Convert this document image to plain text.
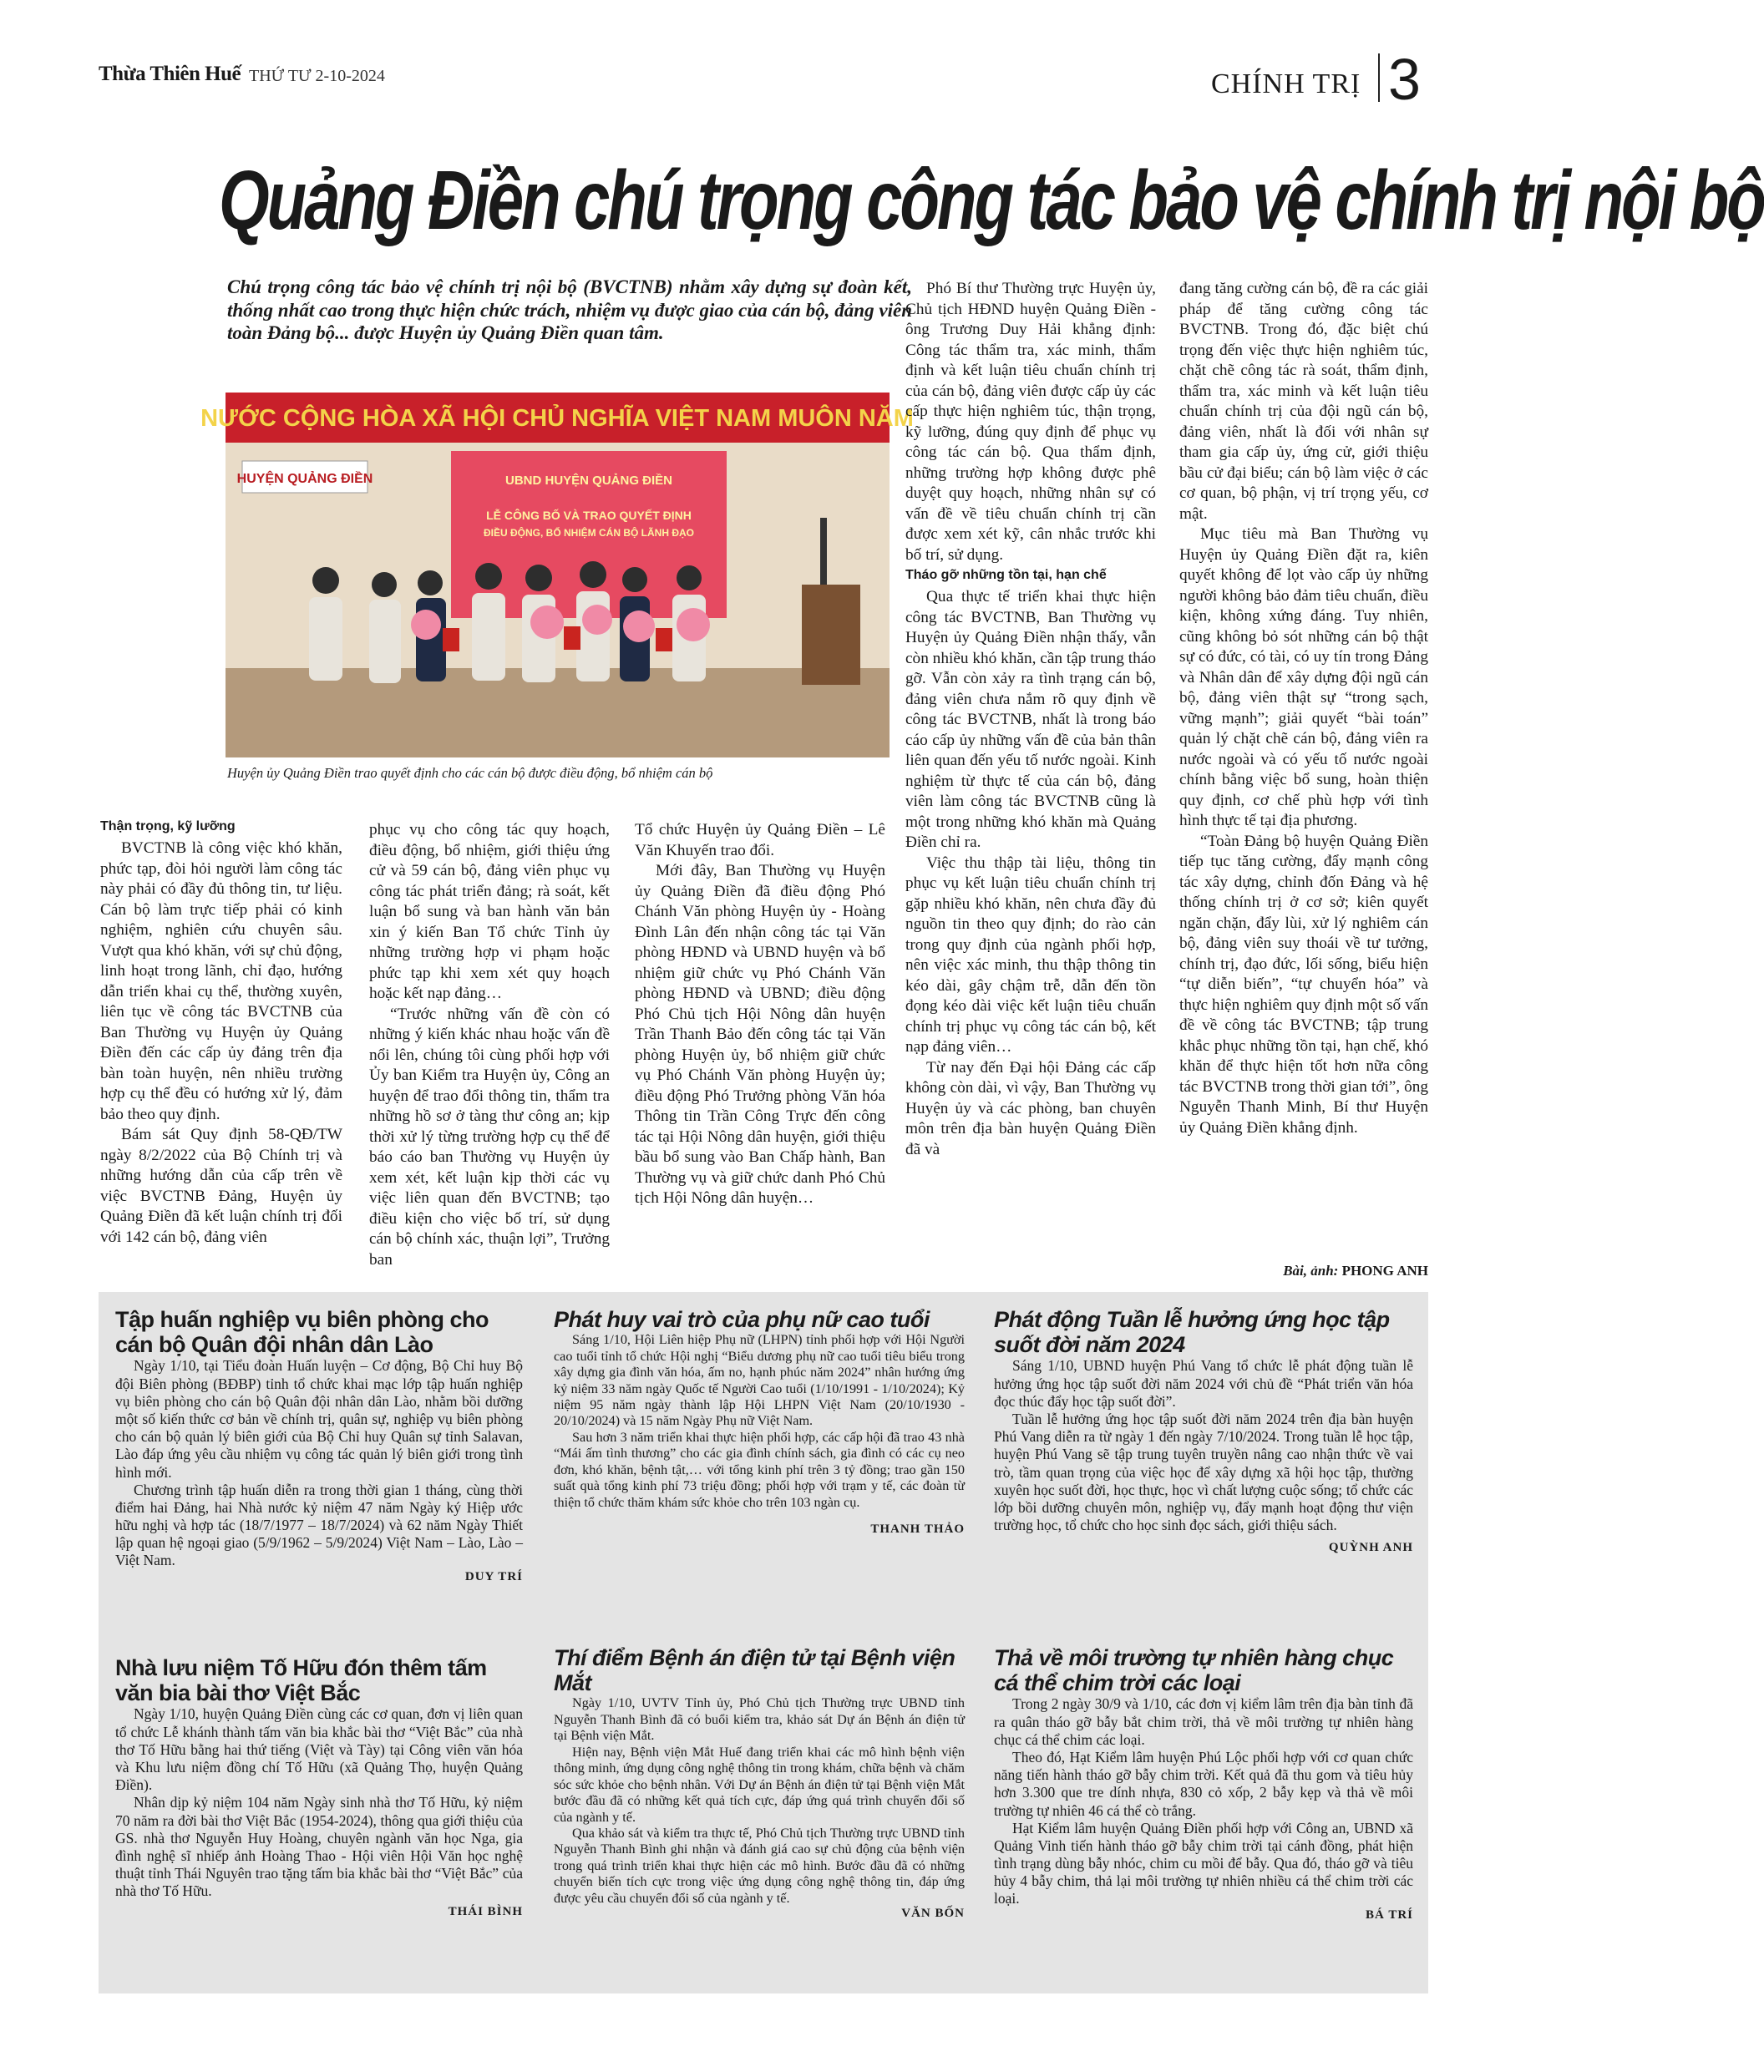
Thừa Thiên Huế THỨ TƯ 2-10-2024	CHÍNH TRỊ 3
Quảng Điền chú trọng công tác bảo vệ chính trị nội bộ
Chú trọng công tác bảo vệ chính trị nội bộ (BVCTNB) nhằm xây dựng sự đoàn kết, thống nhất cao trong thực hiện chức trách, nhiệm vụ được giao của cán bộ, đảng viên toàn Đảng bộ... được Huyện ủy Quảng Điền quan tâm.
NƯỚC CỘNG HÒA XÃ HỘI CHỦ NGHĨA VIỆT NAM MUÔN NĂM
HUYỆN QUẢNG ĐIỀN	UBND HUYỆN QUẢNG ĐIỀN
LỄ CÔNG BỐ VÀ TRAO QUYẾT ĐỊNH
ĐIỀU ĐỘNG, BỔ NHIỆM CÁN BỘ LÃNH ĐẠO
Huyện ủy Quảng Điền trao quyết định cho các cán bộ được điều động, bổ nhiệm cán bộ
Thận trọng, kỹ lưỡng

BVCTNB là công việc khó khăn, phức tạp, đòi hỏi người làm công tác này phải có đầy đủ thông tin, tư liệu. Cán bộ làm trực tiếp phải có kinh nghiệm, nghiên cứu chuyên sâu. Vượt qua khó khăn, với sự chủ động, linh hoạt trong lãnh, chỉ đạo, hướng dẫn triển khai cụ thể, thường xuyên, liên tục về công tác BVCTNB của Ban Thường vụ Huyện ủy Quảng Điền đến các cấp ủy đảng trên địa bàn toàn huyện, nên nhiều trường hợp cụ thể đều có hướng xử lý, đảm bảo theo quy định.

Bám sát Quy định 58-QĐ/TW ngày 8/2/2022 của Bộ Chính trị và những hướng dẫn của cấp trên về việc BVCTNB Đảng, Huyện ủy Quảng Điền đã kết luận chính trị đối với 142 cán bộ, đảng viên

phục vụ cho công tác quy hoạch, điều động, bổ nhiệm, giới thiệu ứng cử và 59 cán bộ, đảng viên phục vụ công tác phát triển đảng; rà soát, kết luận bổ sung và ban hành văn bản xin ý kiến Ban Tổ chức Tỉnh ủy những trường hợp vi phạm hoặc phức tạp khi xem xét quy hoạch hoặc kết nạp đảng…

“Trước những vấn đề còn có những ý kiến khác nhau hoặc vấn đề nổi lên, chúng tôi cùng phối hợp với Ủy ban Kiểm tra Huyện ủy, Công an huyện để trao đổi thông tin, thẩm tra những hồ sơ ở tàng thư công an; kịp thời xử lý từng trường hợp cụ thể để báo cáo ban Thường vụ Huyện ủy xem xét, kết luận kịp thời các vụ việc liên quan đến BVCTNB; tạo điều kiện cho việc bố trí, sử dụng cán bộ chính xác, thuận lợi”, Trưởng ban

Tổ chức Huyện ủy Quảng Điền – Lê Văn Khuyến trao đổi.

Mới đây, Ban Thường vụ Huyện ủy Quảng Điền đã điều động Phó Chánh Văn phòng Huyện ủy - Hoàng Đình Lân đến nhận công tác tại Văn phòng HĐND và UBND huyện và bổ nhiệm giữ chức vụ Phó Chánh Văn phòng HĐND và UBND; điều động Phó Chủ tịch Hội Nông dân huyện Trần Thanh Bảo đến công tác tại Văn phòng Huyện ủy, bổ nhiệm giữ chức vụ Phó Chánh Văn phòng Huyện ủy; điều động Phó Trưởng phòng Văn hóa Thông tin Trần Công Trực đến công tác tại Hội Nông dân huyện, giới thiệu bầu bổ sung vào Ban Chấp hành, Ban Thường vụ và giữ chức danh Phó Chủ tịch Hội Nông dân huyện…

Phó Bí thư Thường trực Huyện ủy, Chủ tịch HĐND huyện Quảng Điền - ông Trương Duy Hải khẳng định: Công tác thẩm tra, xác minh, thẩm định và kết luận tiêu chuẩn chính trị của cán bộ, đảng viên được cấp ủy các cấp thực hiện nghiêm túc, thận trọng, kỹ lưỡng, đúng quy định để phục vụ công tác cán bộ. Qua thẩm định, những trường hợp không được phê duyệt quy hoạch, những nhân sự có vấn đề về tiêu chuẩn chính trị cần được xem xét kỹ, cân nhắc trước khi bố trí, sử dụng.

Tháo gỡ những tồn tại, hạn chế

Qua thực tế triển khai thực hiện công tác BVCTNB, Ban Thường vụ Huyện ủy Quảng Điền nhận thấy, vẫn còn nhiều khó khăn, cần tập trung tháo gỡ. Vẫn còn xảy ra tình trạng cán bộ, đảng viên chưa nắm rõ quy định về công tác BVCTNB, nhất là trong báo cáo cấp ủy những vấn đề của bản thân liên quan đến yếu tố nước ngoài. Kinh nghiệm từ thực tế của cán bộ, đảng viên làm công tác BVCTNB cũng là một trong những khó khăn mà Quảng Điền chỉ ra.

Việc thu thập tài liệu, thông tin phục vụ kết luận tiêu chuẩn chính trị gặp nhiều khó khăn, nên chưa đầy đủ nguồn tin theo quy định; do rào cản trong quy định của ngành phối hợp, nên việc xác minh, thu thập thông tin kéo dài, gây chậm trễ, dẫn đến tồn đọng kéo dài việc kết luận tiêu chuẩn chính trị phục vụ công tác cán bộ, kết nạp đảng viên…

Từ nay đến Đại hội Đảng các cấp không còn dài, vì vậy, Ban Thường vụ Huyện ủy và các phòng, ban chuyên môn trên địa bàn huyện Quảng Điền đã và

đang tăng cường cán bộ, đề ra các giải pháp để tăng cường công tác BVCTNB. Trong đó, đặc biệt chú trọng đến việc thực hiện nghiêm túc, chặt chẽ công tác rà soát, thẩm định, thẩm tra, xác minh và kết luận tiêu chuẩn chính trị của đội ngũ cán bộ, đảng viên, nhất là đối với nhân sự tham gia cấp ủy, ứng cử, giới thiệu bầu cử đại biểu; cán bộ làm việc ở các cơ quan, bộ phận, vị trí trọng yếu, cơ mật.

Mục tiêu mà Ban Thường vụ Huyện ủy Quảng Điền đặt ra, kiên quyết không để lọt vào cấp ủy những người không bảo đảm tiêu chuẩn, điều kiện, không xứng đáng. Tuy nhiên, cũng không bỏ sót những cán bộ thật sự có đức, có tài, có uy tín trong Đảng và Nhân dân để xây dựng đội ngũ cán bộ, đảng viên thật sự “trong sạch, vững mạnh”; giải quyết “bài toán” quản lý chặt chẽ cán bộ, đảng viên ra nước ngoài và có yếu tố nước ngoài chính bằng việc bổ sung, hoàn thiện quy định, cơ chế phù hợp với tình hình thực tế tại địa phương.

“Toàn Đảng bộ huyện Quảng Điền tiếp tục tăng cường, đẩy mạnh công tác xây dựng, chỉnh đốn Đảng và hệ thống chính trị ở cơ sở; kiên quyết ngăn chặn, đẩy lùi, xử lý nghiêm cán bộ, đảng viên suy thoái về tư tưởng, chính trị, đạo đức, lối sống, biểu hiện “tự diễn biến”, “tự chuyển hóa” và thực hiện nghiêm quy định một số vấn đề về công tác BVCTNB; tập trung khắc phục những tồn tại, hạn chế, khó khăn để thực hiện tốt hơn nữa công tác BVCTNB trong thời gian tới”, ông Nguyễn Thanh Minh, Bí thư Huyện ủy Quảng Điền khẳng định.

Bài, ảnh: PHONG ANH
Tập huấn nghiệp vụ biên phòng cho cán bộ Quân đội nhân dân Lào

Ngày 1/10, tại Tiểu đoàn Huấn luyện – Cơ động, Bộ Chỉ huy Bộ đội Biên phòng (BĐBP) tỉnh tổ chức khai mạc lớp tập huấn nghiệp vụ biên phòng cho cán bộ Quân đội nhân dân Lào, nhằm bồi dưỡng một số kiến thức cơ bản về chính trị, quân sự, nghiệp vụ biên phòng cho cán bộ quản lý biên giới của Bộ Chỉ huy Quân sự tỉnh Salavan, Lào đáp ứng yêu cầu nhiệm vụ công tác quản lý biên giới trong tình hình mới.

Chương trình tập huấn diễn ra trong thời gian 1 tháng, cùng thời điểm hai Đảng, hai Nhà nước kỷ niệm 47 năm Ngày ký Hiệp ước hữu nghị và hợp tác (18/7/1977 – 18/7/2024) và 62 năm Ngày Thiết lập quan hệ ngoại giao (5/9/1962 – 5/9/2024) Việt Nam – Lào, Lào – Việt Nam.

DUY TRÍ
Nhà lưu niệm Tố Hữu đón thêm tấm văn bia bài thơ Việt Bắc

Ngày 1/10, huyện Quảng Điền cùng các cơ quan, đơn vị liên quan tổ chức Lễ khánh thành tấm văn bia khắc bài thơ “Việt Bắc” của nhà thơ Tố Hữu bằng hai thứ tiếng (Việt và Tày) tại Công viên văn hóa và Khu lưu niệm đồng chí Tố Hữu (xã Quảng Thọ, huyện Quảng Điền).

Nhân dịp kỷ niệm 104 năm Ngày sinh nhà thơ Tố Hữu, kỷ niệm 70 năm ra đời bài thơ Việt Bắc (1954-2024), thông qua giới thiệu của GS. nhà thơ Nguyễn Huy Hoàng, chuyên ngành văn học Nga, gia đình nghệ sĩ nhiếp ảnh Hoàng Thao - Hội viên Hội Văn học nghệ thuật tỉnh Thái Nguyên trao tặng tấm bia khắc bài thơ “Việt Bắc” của nhà thơ Tố Hữu.

THÁI BÌNH
Phát huy vai trò của phụ nữ cao tuổi

Sáng 1/10, Hội Liên hiệp Phụ nữ (LHPN) tỉnh phối hợp với Hội Người cao tuổi tỉnh tổ chức Hội nghị “Biểu dương phụ nữ cao tuổi tiêu biểu trong xây dựng gia đình văn hóa, ấm no, hạnh phúc năm 2024” nhân hướng ứng kỷ niệm 33 năm ngày Quốc tế Người Cao tuổi (1/10/1991 - 1/10/2024); Kỷ niệm 95 năm ngày thành lập Hội LHPN Việt Nam (20/10/1930 - 20/10/2024) và 15 năm Ngày Phụ nữ Việt Nam.

Sau hơn 3 năm triển khai thực hiện phối hợp, các cấp hội đã trao 43 nhà “Mái ấm tình thương” cho các gia đình chính sách, gia đình có các cụ neo đơn, khó khăn, bệnh tật,… với tổng kinh phí trên 3 tỷ đồng; trao gần 150 suất quà tổng kinh phí 73 triệu đồng; phối hợp với trạm y tế, các đoàn từ thiện tổ chức thăm khám sức khỏe cho trên 103 ngàn cụ.

THANH THẢO
Thí điểm Bệnh án điện tử tại Bệnh viện Mắt

Ngày 1/10, UVTV Tỉnh ủy, Phó Chủ tịch Thường trực UBND tỉnh Nguyễn Thanh Bình đã có buổi kiểm tra, khảo sát Dự án Bệnh án điện tử tại Bệnh viện Mắt.

Hiện nay, Bệnh viện Mắt Huế đang triển khai các mô hình bệnh viện thông minh, ứng dụng công nghệ thông tin trong khám, chữa bệnh và chăm sóc sức khỏe cho bệnh nhân. Với Dự án Bệnh án điện tử tại Bệnh viện Mắt bước đầu đã có những kết quả tích cực, đáp ứng quá trình chuyển đổi số của ngành y tế.

Qua khảo sát và kiểm tra thực tế, Phó Chủ tịch Thường trực UBND tỉnh Nguyễn Thanh Bình ghi nhận và đánh giá cao sự chủ động của bệnh viện trong quá trình triển khai thực hiện các mô hình. Bước đầu đã có những chuyển biến tích cực trong việc ứng dụng công nghệ thông tin, đáp ứng được yêu cầu chuyển đổi số của ngành y tế.

VĂN BỐN
Phát động Tuần lễ hưởng ứng học tập suốt đời năm 2024

Sáng 1/10, UBND huyện Phú Vang tổ chức lễ phát động tuần lễ hưởng ứng học tập suốt đời năm 2024 với chủ đề “Phát triển văn hóa đọc thúc đẩy học tập suốt đời”.

Tuần lễ hưởng ứng học tập suốt đời năm 2024 trên địa bàn huyện Phú Vang diễn ra từ ngày 1 đến ngày 7/10/2024. Trong tuần lễ học tập, huyện Phú Vang sẽ tập trung tuyên truyền nâng cao nhận thức về vai trò, tầm quan trọng của việc học để xây dựng xã hội học tập, thường xuyên học suốt đời, học thực, học vì chất lượng cuộc sống; tổ chức các lớp bồi dưỡng chuyên môn, nghiệp vụ, đẩy mạnh hoạt động thư viện trường học, tổ chức cho học sinh đọc sách, giới thiệu sách.

QUỲNH ANH
Thả về môi trường tự nhiên hàng chục cá thể chim trời các loại

Trong 2 ngày 30/9 và 1/10, các đơn vị kiểm lâm trên địa bàn tỉnh đã ra quân tháo gỡ bẫy bắt chim trời, thả về môi trường tự nhiên hàng chục cá thể chim các loại.

Theo đó, Hạt Kiểm lâm huyện Phú Lộc phối hợp với cơ quan chức năng tiến hành tháo gỡ bẫy chim trời. Kết quả đã thu gom và tiêu hủy hơn 3.300 que tre dính nhựa, 830 cỏ xốp, 2 bẫy kẹp và thả về môi trường tự nhiên 46 cá thể cò trắng.

Hạt Kiểm lâm huyện Quảng Điền phối hợp với Công an, UBND xã Quảng Vinh tiến hành tháo gỡ bẫy chim trời tại cánh đồng, phát hiện tình trạng dùng bẫy nhóc, chim cu mồi để bẫy. Qua đó, tháo gỡ và tiêu hủy 4 bẫy chim, thả lại môi trường tự nhiên nhiều cá thể chim trời các loại.

BÁ TRÍ
